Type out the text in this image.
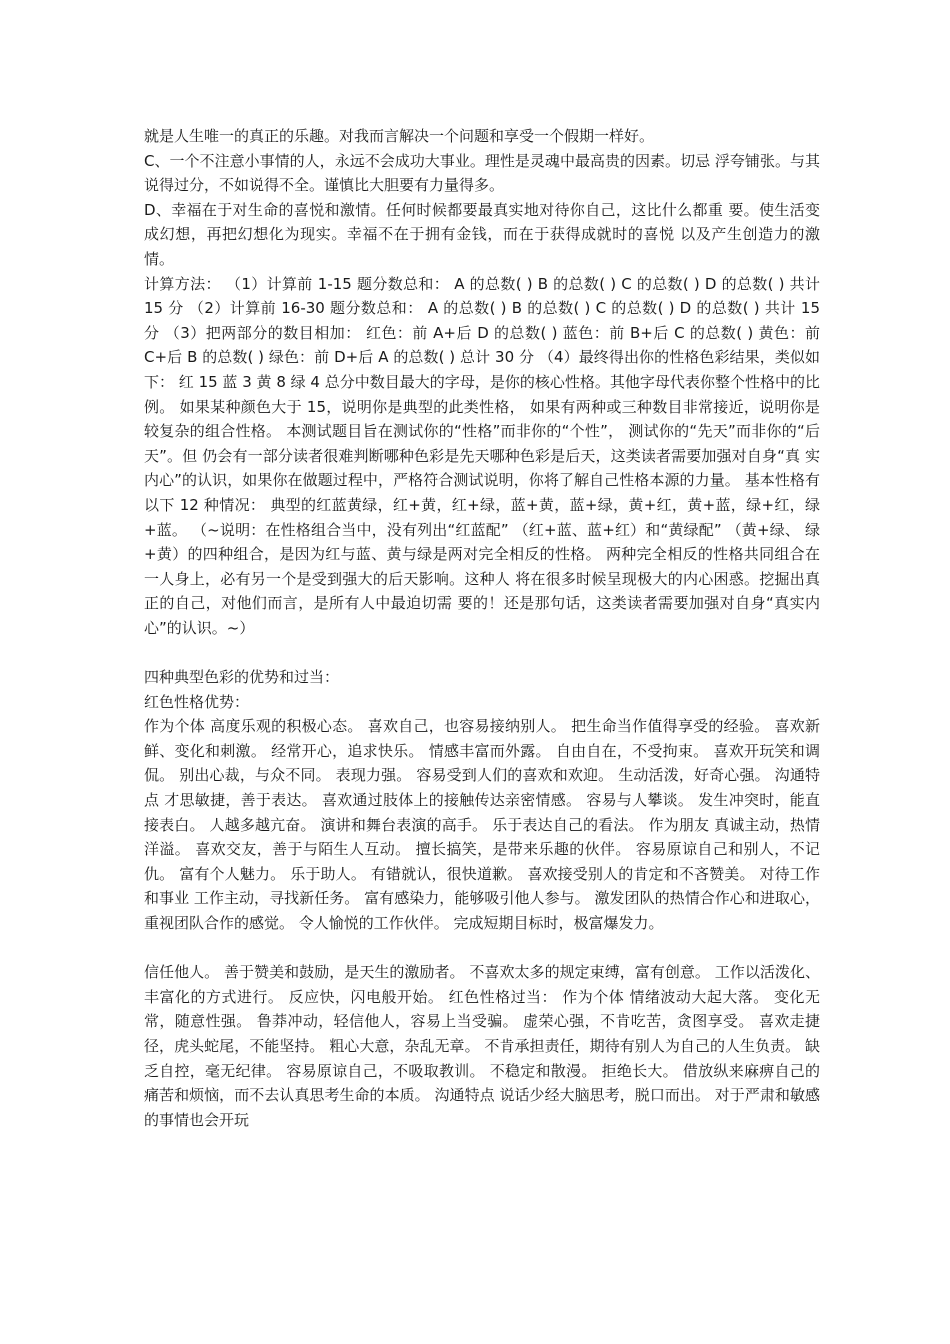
就是人生唯一的真正的乐趣。对我而言解决一个问题和享受一个假期一样好。

C、一个不注意小事情的人，永远不会成功大事业。理性是灵魂中最高贵的因素。切忌 浮夸铺张。与其说得过分，不如说得不全。谨慎比大胆要有力量得多。

D、幸福在于对生命的喜悦和激情。任何时候都要最真实地对待你自己，这比什么都重 要。使生活变成幻想，再把幻想化为现实。幸福不在于拥有金钱，而在于获得成就时的喜悦 以及产生创造力的激情。

计算方法： （1）计算前 1-15 题分数总和： A 的总数( ) B 的总数( ) C 的总数( ) D 的总数( ) 共计 15 分 （2）计算前 16-30 题分数总和： A 的总数( ) B 的总数( ) C 的总数( ) D 的总数( ) 共计 15 分 （3）把两部分的数目相加： 红色：前 A+后 D 的总数( ) 蓝色：前 B+后 C 的总数( ) 黄色：前 C+后 B 的总数( ) 绿色：前 D+后 A 的总数( ) 总计 30 分 （4）最终得出你的性格色彩结果，类似如下： 红 15 蓝 3 黄 8 绿 4 总分中数目最大的字母，是你的核心性格。其他字母代表你整个性格中的比例。 如果某种颜色大于 15，说明你是典型的此类性格， 如果有两种或三种数目非常接近，说明你是较复杂的组合性格。 本测试题目旨在测试你的“性格”而非你的“个性”， 测试你的“先天”而非你的“后天”。但 仍会有一部分读者很难判断哪种色彩是先天哪种色彩是后天，这类读者需要加强对自身“真 实内心”的认识，如果你在做题过程中，严格符合测试说明，你将了解自己性格本源的力量。 基本性格有以下 12 种情况： 典型的红蓝黄绿，红+黄，红+绿，蓝+黄，蓝+绿，黄+红，黄+蓝，绿+红，绿+蓝。 （~说明：在性格组合当中，没有列出“红蓝配” （红+蓝、蓝+红）和“黄绿配” （黄+绿、 绿+黄）的四种组合，是因为红与蓝、黄与绿是两对完全相反的性格。 两种完全相反的性格共同组合在一人身上，必有另一个是受到强大的后天影响。这种人 将在很多时候呈现极大的内心困惑。挖掘出真正的自己，对他们而言，是所有人中最迫切需 要的！还是那句话，这类读者需要加强对自身“真实内心”的认识。~）

四种典型色彩的优势和过当：

红色性格优势：

作为个体 高度乐观的积极心态。 喜欢自己，也容易接纳别人。 把生命当作值得享受的经验。 喜欢新鲜、变化和刺激。 经常开心，追求快乐。 情感丰富而外露。 自由自在，不受拘束。 喜欢开玩笑和调侃。 别出心裁，与众不同。 表现力强。 容易受到人们的喜欢和欢迎。 生动活泼，好奇心强。 沟通特点 才思敏捷，善于表达。 喜欢通过肢体上的接触传达亲密情感。 容易与人攀谈。 发生冲突时，能直接表白。 人越多越亢奋。 演讲和舞台表演的高手。 乐于表达自己的看法。 作为朋友 真诚主动，热情洋溢。 喜欢交友，善于与陌生人互动。 擅长搞笑，是带来乐趣的伙伴。 容易原谅自己和别人，不记仇。 富有个人魅力。 乐于助人。 有错就认，很快道歉。 喜欢接受别人的肯定和不吝赞美。 对待工作和事业 工作主动，寻找新任务。 富有感染力，能够吸引他人参与。 激发团队的热情合作心和进取心，重视团队合作的感觉。 令人愉悦的工作伙伴。 完成短期目标时，极富爆发力。

信任他人。 善于赞美和鼓励，是天生的激励者。 不喜欢太多的规定束缚，富有创意。 工作以活泼化、丰富化的方式进行。 反应快，闪电般开始。 红色性格过当： 作为个体 情绪波动大起大落。 变化无常，随意性强。 鲁莽冲动，轻信他人，容易上当受骗。 虚荣心强，不肯吃苦，贪图享受。 喜欢走捷径，虎头蛇尾，不能坚持。 粗心大意，杂乱无章。 不肯承担责任，期待有别人为自己的人生负责。 缺乏自控，毫无纪律。 容易原谅自己，不吸取教训。 不稳定和散漫。 拒绝长大。 借放纵来麻痹自己的痛苦和烦恼，而不去认真思考生命的本质。 沟通特点 说话少经大脑思考，脱口而出。 对于严肃和敏感的事情也会开玩
